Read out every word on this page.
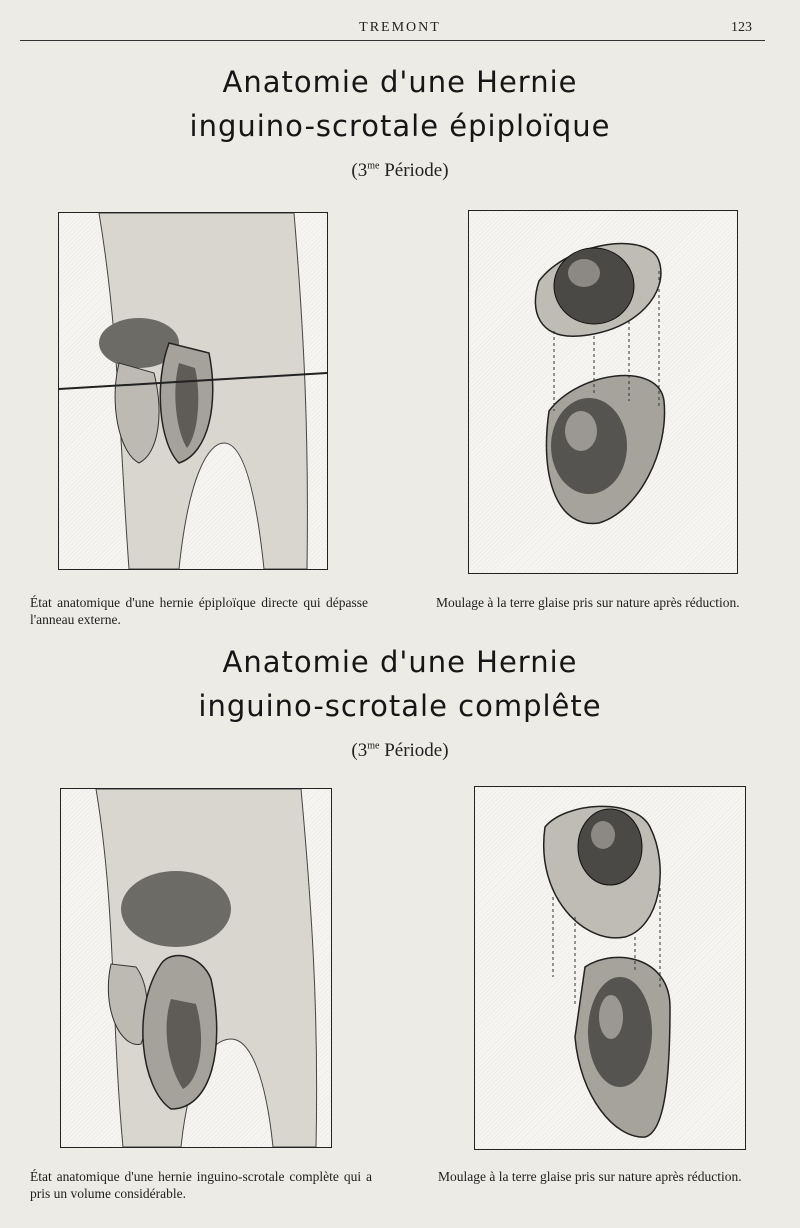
TREMONT	123
Anatomie d'une Hernie
inguino-scrotale épiploïque
($3^{me}$ Période)
État anatomique d'une hernie épiploïque directe qui dépasse l'anneau externe.
Moulage à la terre glaise pris sur nature après réduction.
Anatomie d'une Hernie
inguino-scrotale complête
($3^{me}$ Période)
État anatomique d'une hernie inguino-scrotale complète qui a pris un volume considérable.
Moulage à la terre glaise pris sur nature après réduction.
